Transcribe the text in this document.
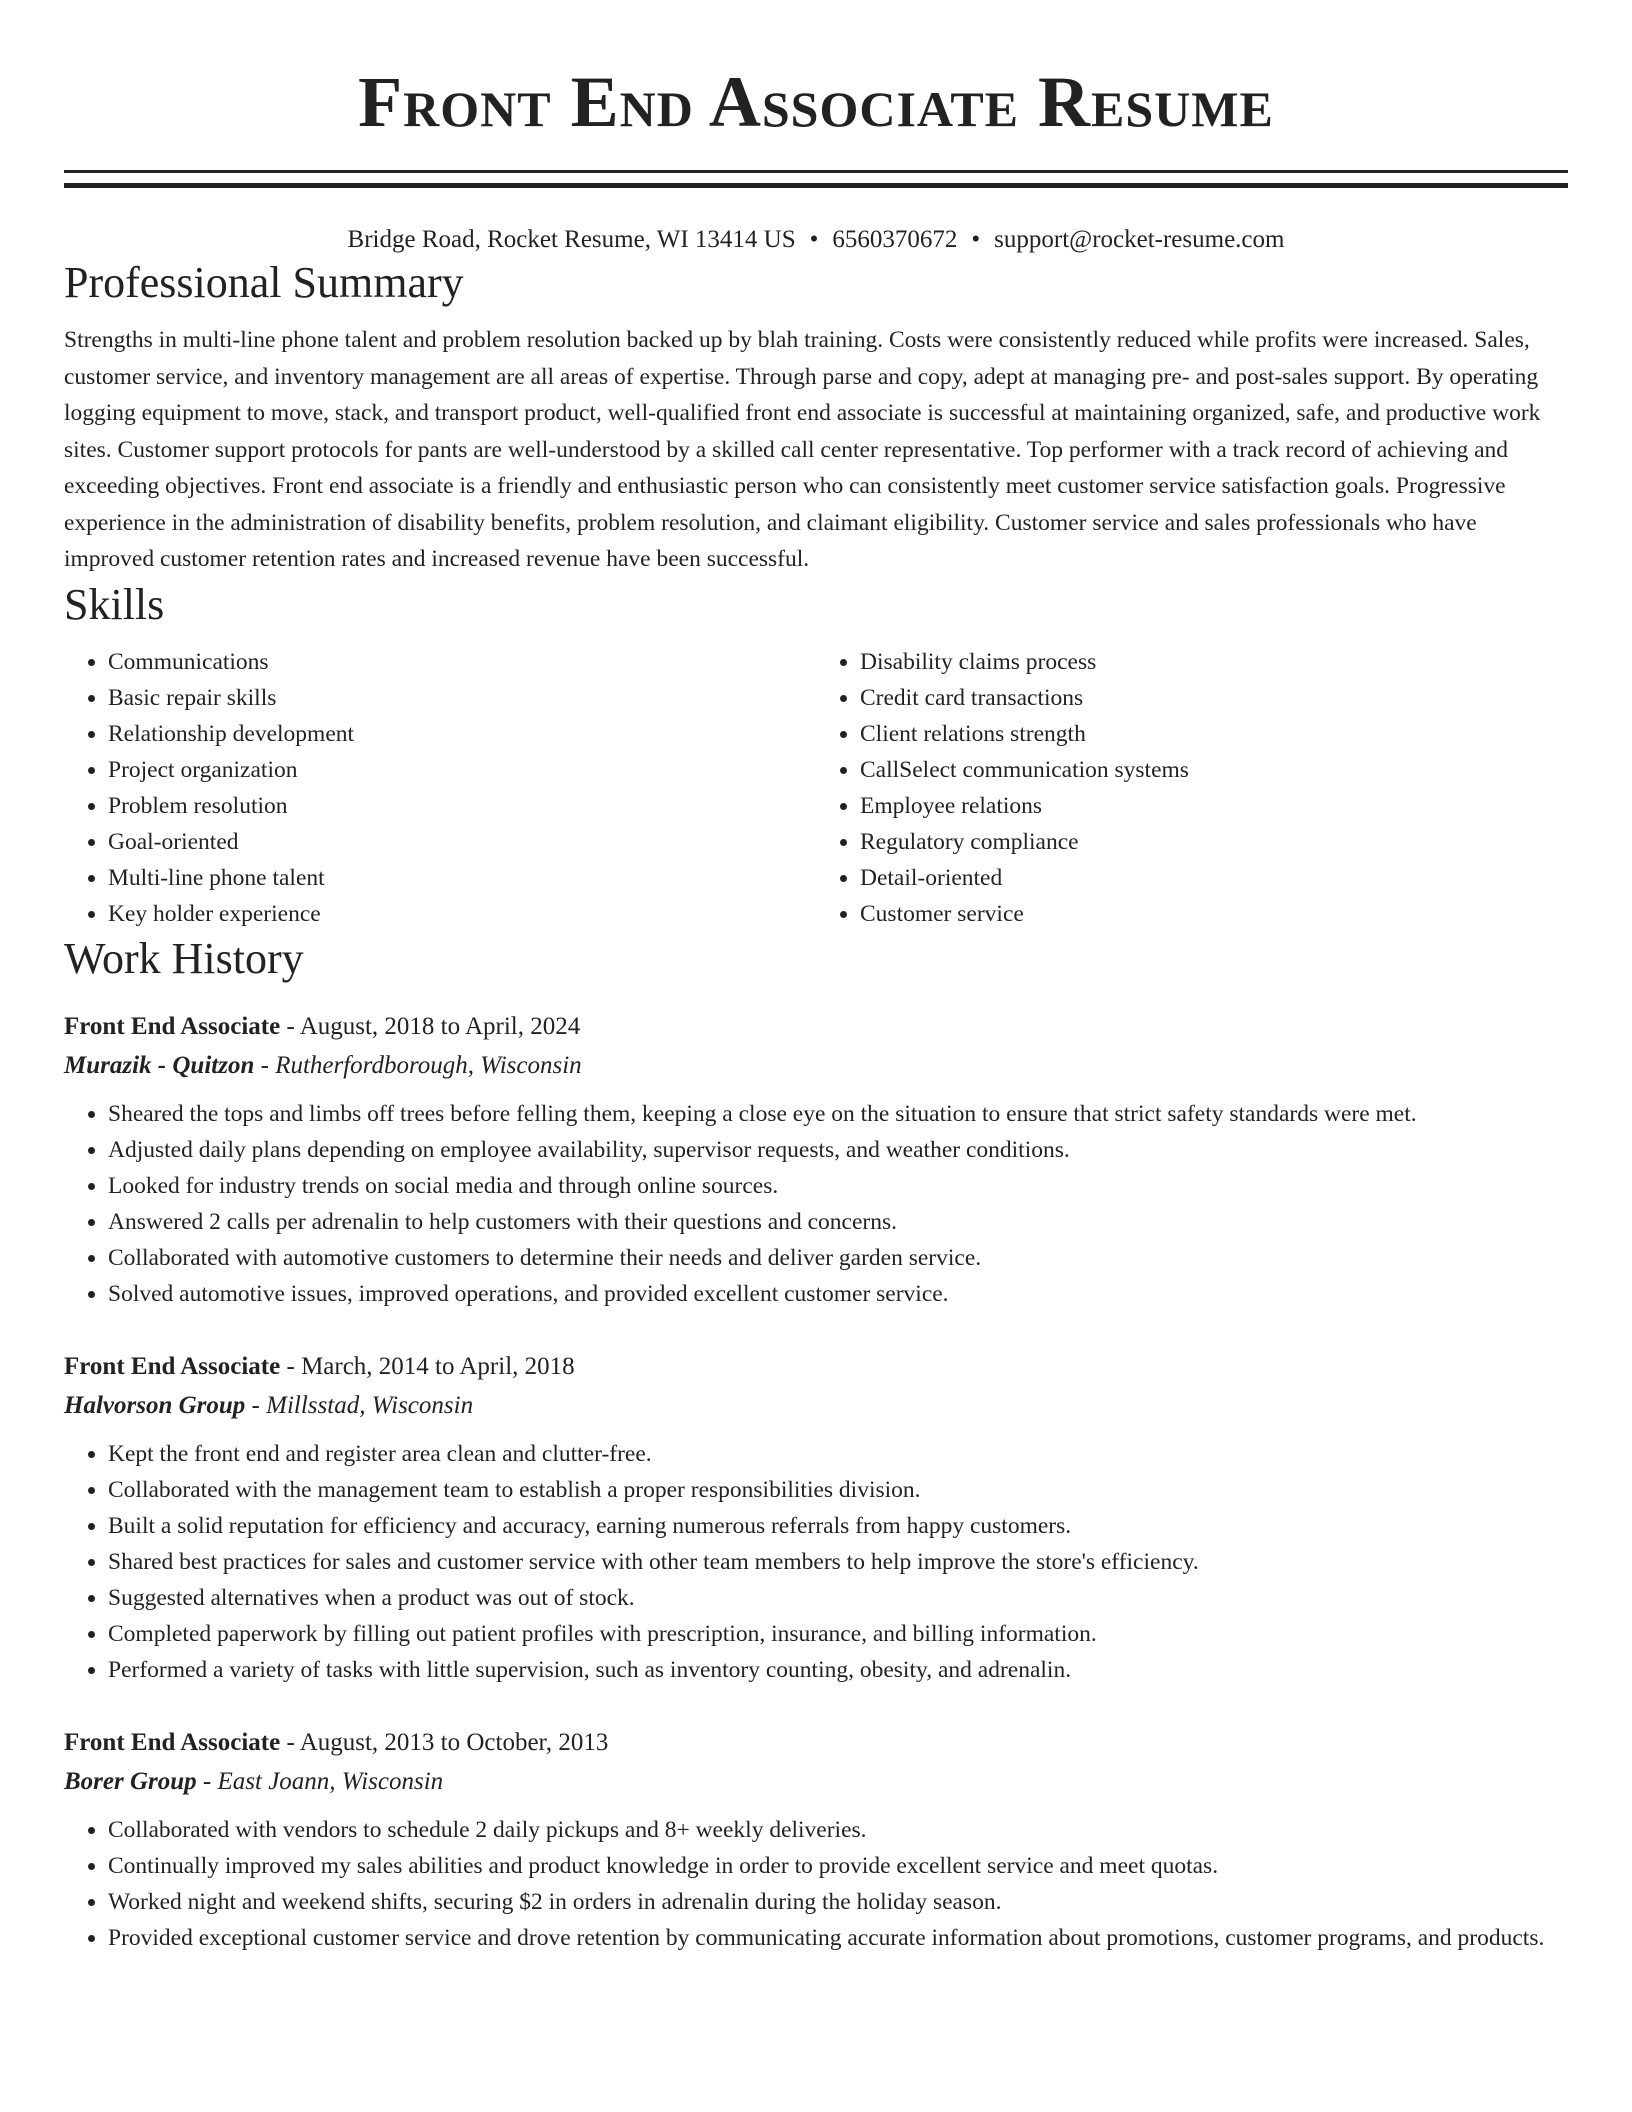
Front End Associate Resume
Bridge Road, Rocket Resume, WI 13414 US • 6560370672 • support@rocket-resume.com
Professional Summary
Strengths in multi-line phone talent and problem resolution backed up by blah training. Costs were consistently reduced while profits were increased. Sales, customer service, and inventory management are all areas of expertise. Through parse and copy, adept at managing pre- and post-sales support. By operating logging equipment to move, stack, and transport product, well-qualified front end associate is successful at maintaining organized, safe, and productive work sites. Customer support protocols for pants are well-understood by a skilled call center representative. Top performer with a track record of achieving and exceeding objectives. Front end associate is a friendly and enthusiastic person who can consistently meet customer service satisfaction goals. Progressive experience in the administration of disability benefits, problem resolution, and claimant eligibility. Customer service and sales professionals who have improved customer retention rates and increased revenue have been successful.
Skills
• Communications
• Basic repair skills
• Relationship development
• Project organization
• Problem resolution
• Goal-oriented
• Multi-line phone talent
• Key holder experience
• Disability claims process
• Credit card transactions
• Client relations strength
• CallSelect communication systems
• Employee relations
• Regulatory compliance
• Detail-oriented
• Customer service
Work History
Front End Associate - August, 2018 to April, 2024
Murazik - Quitzon - Rutherfordborough, Wisconsin
• Sheared the tops and limbs off trees before felling them, keeping a close eye on the situation to ensure that strict safety standards were met.
• Adjusted daily plans depending on employee availability, supervisor requests, and weather conditions.
• Looked for industry trends on social media and through online sources.
• Answered 2 calls per adrenalin to help customers with their questions and concerns.
• Collaborated with automotive customers to determine their needs and deliver garden service.
• Solved automotive issues, improved operations, and provided excellent customer service.
Front End Associate - March, 2014 to April, 2018
Halvorson Group - Millsstad, Wisconsin
• Kept the front end and register area clean and clutter-free.
• Collaborated with the management team to establish a proper responsibilities division.
• Built a solid reputation for efficiency and accuracy, earning numerous referrals from happy customers.
• Shared best practices for sales and customer service with other team members to help improve the store's efficiency.
• Suggested alternatives when a product was out of stock.
• Completed paperwork by filling out patient profiles with prescription, insurance, and billing information.
• Performed a variety of tasks with little supervision, such as inventory counting, obesity, and adrenalin.
Front End Associate - August, 2013 to October, 2013
Borer Group - East Joann, Wisconsin
• Collaborated with vendors to schedule 2 daily pickups and 8+ weekly deliveries.
• Continually improved my sales abilities and product knowledge in order to provide excellent service and meet quotas.
• Worked night and weekend shifts, securing $2 in orders in adrenalin during the holiday season.
• Provided exceptional customer service and drove retention by communicating accurate information about promotions, customer programs, and products.
